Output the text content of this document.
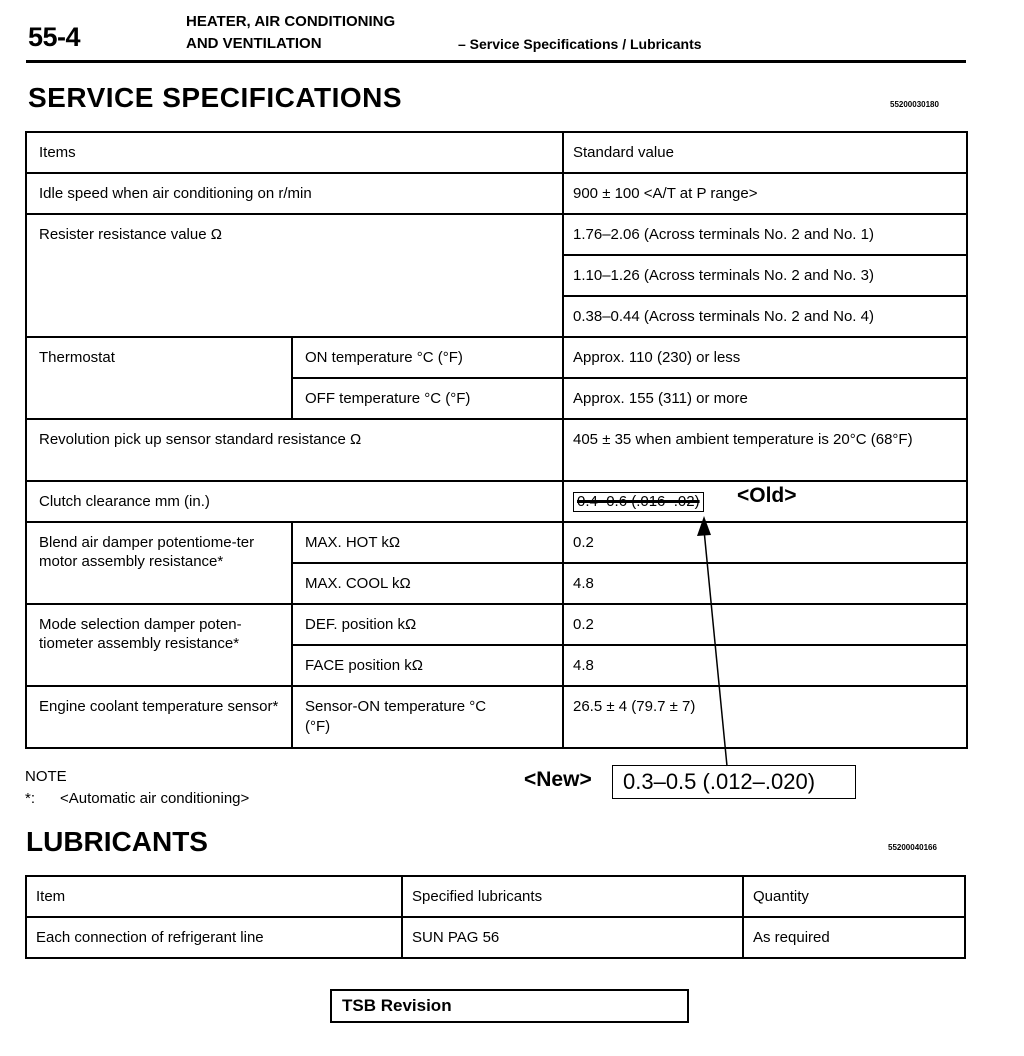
55-4
HEATER, AIR CONDITIONING
AND VENTILATION	– Service Specifications / Lubricants
SERVICE SPECIFICATIONS	55200030180
Items		Standard value
Idle speed when air conditioning on r/min		900 ± 100 <A/T at P range>
Resister resistance value Ω		1.76–2.06 (Across terminals No. 2 and No. 1)
		1.10–1.26 (Across terminals No. 2 and No. 3)
		0.38–0.44 (Across terminals No. 2 and No. 4)
Thermostat	ON temperature °C (°F)	Approx. 110 (230) or less
	OFF temperature °C (°F)	Approx. 155 (311) or more
Revolution pick up sensor standard resistance Ω		405 ± 35 when ambient temperature is 20°C (68°F)
Clutch clearance mm (in.)		0.4–0.6 (.016–.02)
Blend air damper potentiome-ter motor assembly resistance*	MAX. HOT kΩ	0.2
	MAX. COOL kΩ	4.8
Mode selection damper poten-tiometer assembly resistance*	DEF. position kΩ	0.2
	FACE position kΩ	4.8
Engine coolant temperature sensor*	Sensor-ON temperature °C (°F)	26.5 ± 4 (79.7 ± 7)
<Old>
<New>	0.3–0.5 (.012–.020)
NOTE
*: <Automatic air conditioning>
LUBRICANTS	55200040166
Item	Specified lubricants	Quantity
Each connection of refrigerant line	SUN PAG 56	As required
TSB Revision
